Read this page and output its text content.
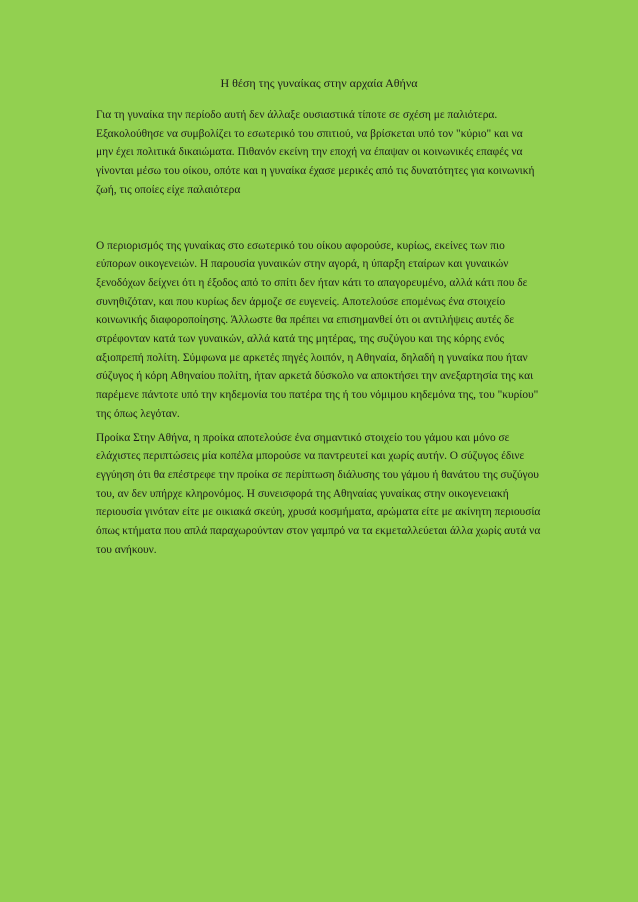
Η θέση της γυναίκας στην αρχαία Αθήνα

Για τη γυναίκα την περίοδο αυτή δεν άλλαξε ουσιαστικά τίποτε σε σχέση με παλιότερα. Εξακολούθησε να συμβολίζει το εσωτερικό του σπιτιού, να βρίσκεται υπό τον "κύριο" και να μην έχει πολιτικά δικαιώματα. Πιθανόν εκείνη την εποχή να έπαψαν οι κοινωνικές επαφές να γίνονται μέσω του οίκου, οπότε και η γυναίκα έχασε μερικές από τις δυνατότητες για κοινωνική ζωή, τις οποίες είχε παλαιότερα

Ο περιορισμός της γυναίκας στο εσωτερικό του οίκου αφορούσε, κυρίως, εκείνες των πιο εύπορων οικογενειών. Η παρουσία γυναικών στην αγορά, η ύπαρξη εταίρων και γυναικών ξενοδόχων δείχνει ότι η έξοδος από το σπίτι δεν ήταν κάτι το απαγορευμένο, αλλά κάτι που δε συνηθιζόταν, και που κυρίως δεν άρμοζε σε ευγενείς. Αποτελούσε επομένως ένα στοιχείο κοινωνικής διαφοροποίησης. Άλλωστε θα πρέπει να επισημανθεί ότι οι αντιλήψεις αυτές δε στρέφονταν κατά των γυναικών, αλλά κατά της μητέρας, της συζύγου και της κόρης ενός αξιοπρεπή πολίτη. Σύμφωνα με αρκετές πηγές λοιπόν, η Αθηναία, δηλαδή η γυναίκα που ήταν σύζυγος ή κόρη Αθηναίου πολίτη, ήταν αρκετά δύσκολο να αποκτήσει την ανεξαρτησία της και παρέμενε πάντοτε υπό την κηδεμονία του πατέρα της ή του νόμιμου κηδεμόνα της, του "κυρίου" της όπως λεγόταν.

Προίκα Στην Αθήνα, η προίκα αποτελούσε ένα σημαντικό στοιχείο του γάμου και μόνο σε ελάχιστες περιπτώσεις μία κοπέλα μπορούσε να παντρευτεί και χωρίς αυτήν. Ο σύζυγος έδινε εγγύηση ότι θα επέστρεφε την προίκα σε περίπτωση διάλυσης του γάμου ή θανάτου της συζύγου του, αν δεν υπήρχε κληρονόμος. Η συνεισφορά της Αθηναίας γυναίκας στην οικογενειακή περιουσία γινόταν είτε με οικιακά σκεύη, χρυσά κοσμήματα, αρώματα είτε με ακίνητη περιουσία όπως κτήματα που απλά παραχωρούνταν στον γαμπρό να τα εκμεταλλεύεται άλλα χωρίς αυτά να του ανήκουν.
